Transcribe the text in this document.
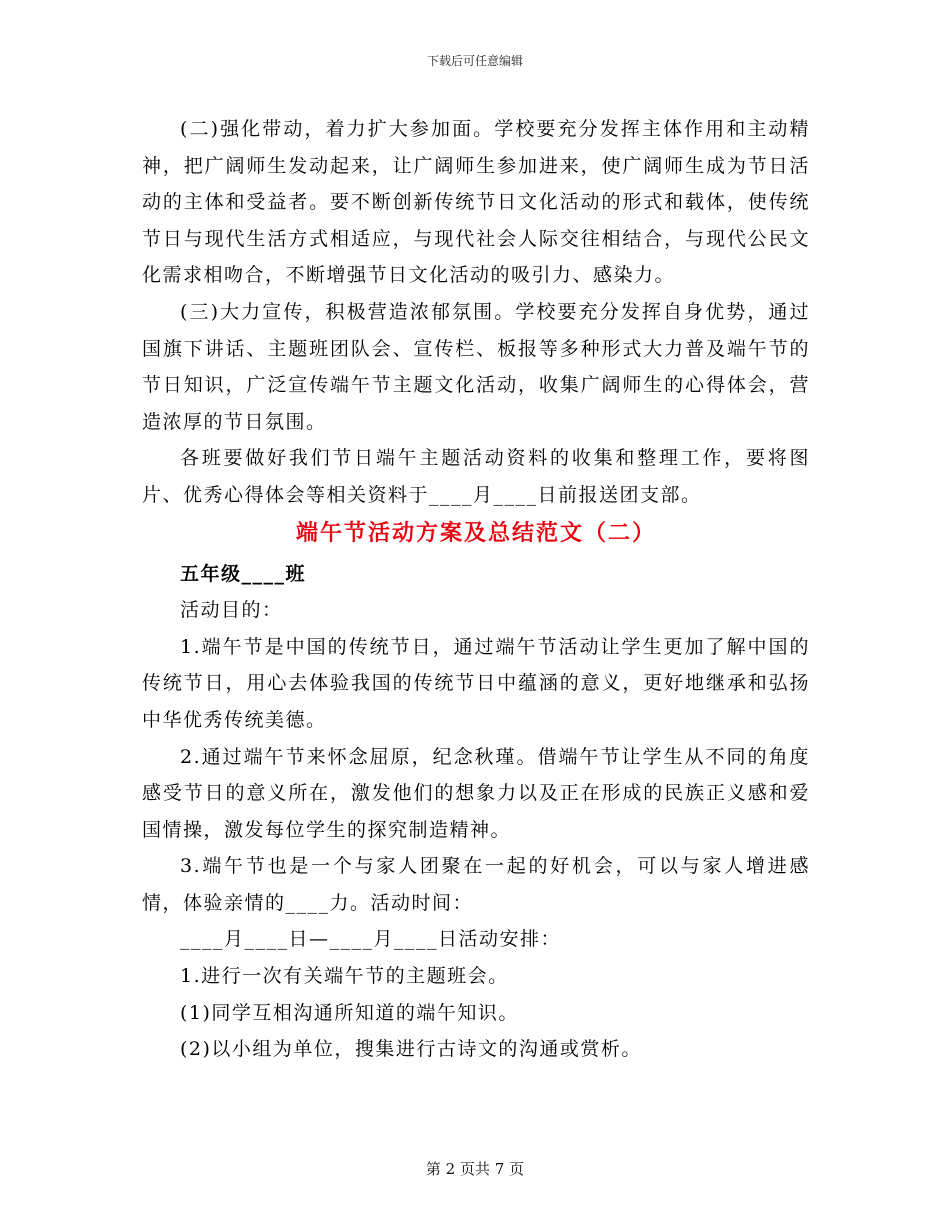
下载后可任意编辑

(二)强化带动，着力扩大参加面。学校要充分发挥主体作用和主动精神，把广阔师生发动起来，让广阔师生参加进来，使广阔师生成为节日活动的主体和受益者。要不断创新传统节日文化活动的形式和载体，使传统节日与现代生活方式相适应，与现代社会人际交往相结合，与现代公民文化需求相吻合，不断增强节日文化活动的吸引力、感染力。

(三)大力宣传，积极营造浓郁氛围。学校要充分发挥自身优势，通过国旗下讲话、主题班团队会、宣传栏、板报等多种形式大力普及端午节的节日知识，广泛宣传端午节主题文化活动，收集广阔师生的心得体会，营造浓厚的节日氛围。

各班要做好我们节日端午主题活动资料的收集和整理工作，要将图片、优秀心得体会等相关资料于____月____日前报送团支部。

端午节活动方案及总结范文（二）

五年级____班

活动目的：

1.端午节是中国的传统节日，通过端午节活动让学生更加了解中国的传统节日，用心去体验我国的传统节日中蕴涵的意义，更好地继承和弘扬中华优秀传统美德。

2.通过端午节来怀念屈原，纪念秋瑾。借端午节让学生从不同的角度感受节日的意义所在，激发他们的想象力以及正在形成的民族正义感和爱国情操，激发每位学生的探究制造精神。

3.端午节也是一个与家人团聚在一起的好机会，可以与家人增进感情，体验亲情的____力。活动时间：

____月____日—____月____日活动安排：

1.进行一次有关端午节的主题班会。

(1)同学互相沟通所知道的端午知识。

(2)以小组为单位，搜集进行古诗文的沟通或赏析。

第 2 页共 7 页
